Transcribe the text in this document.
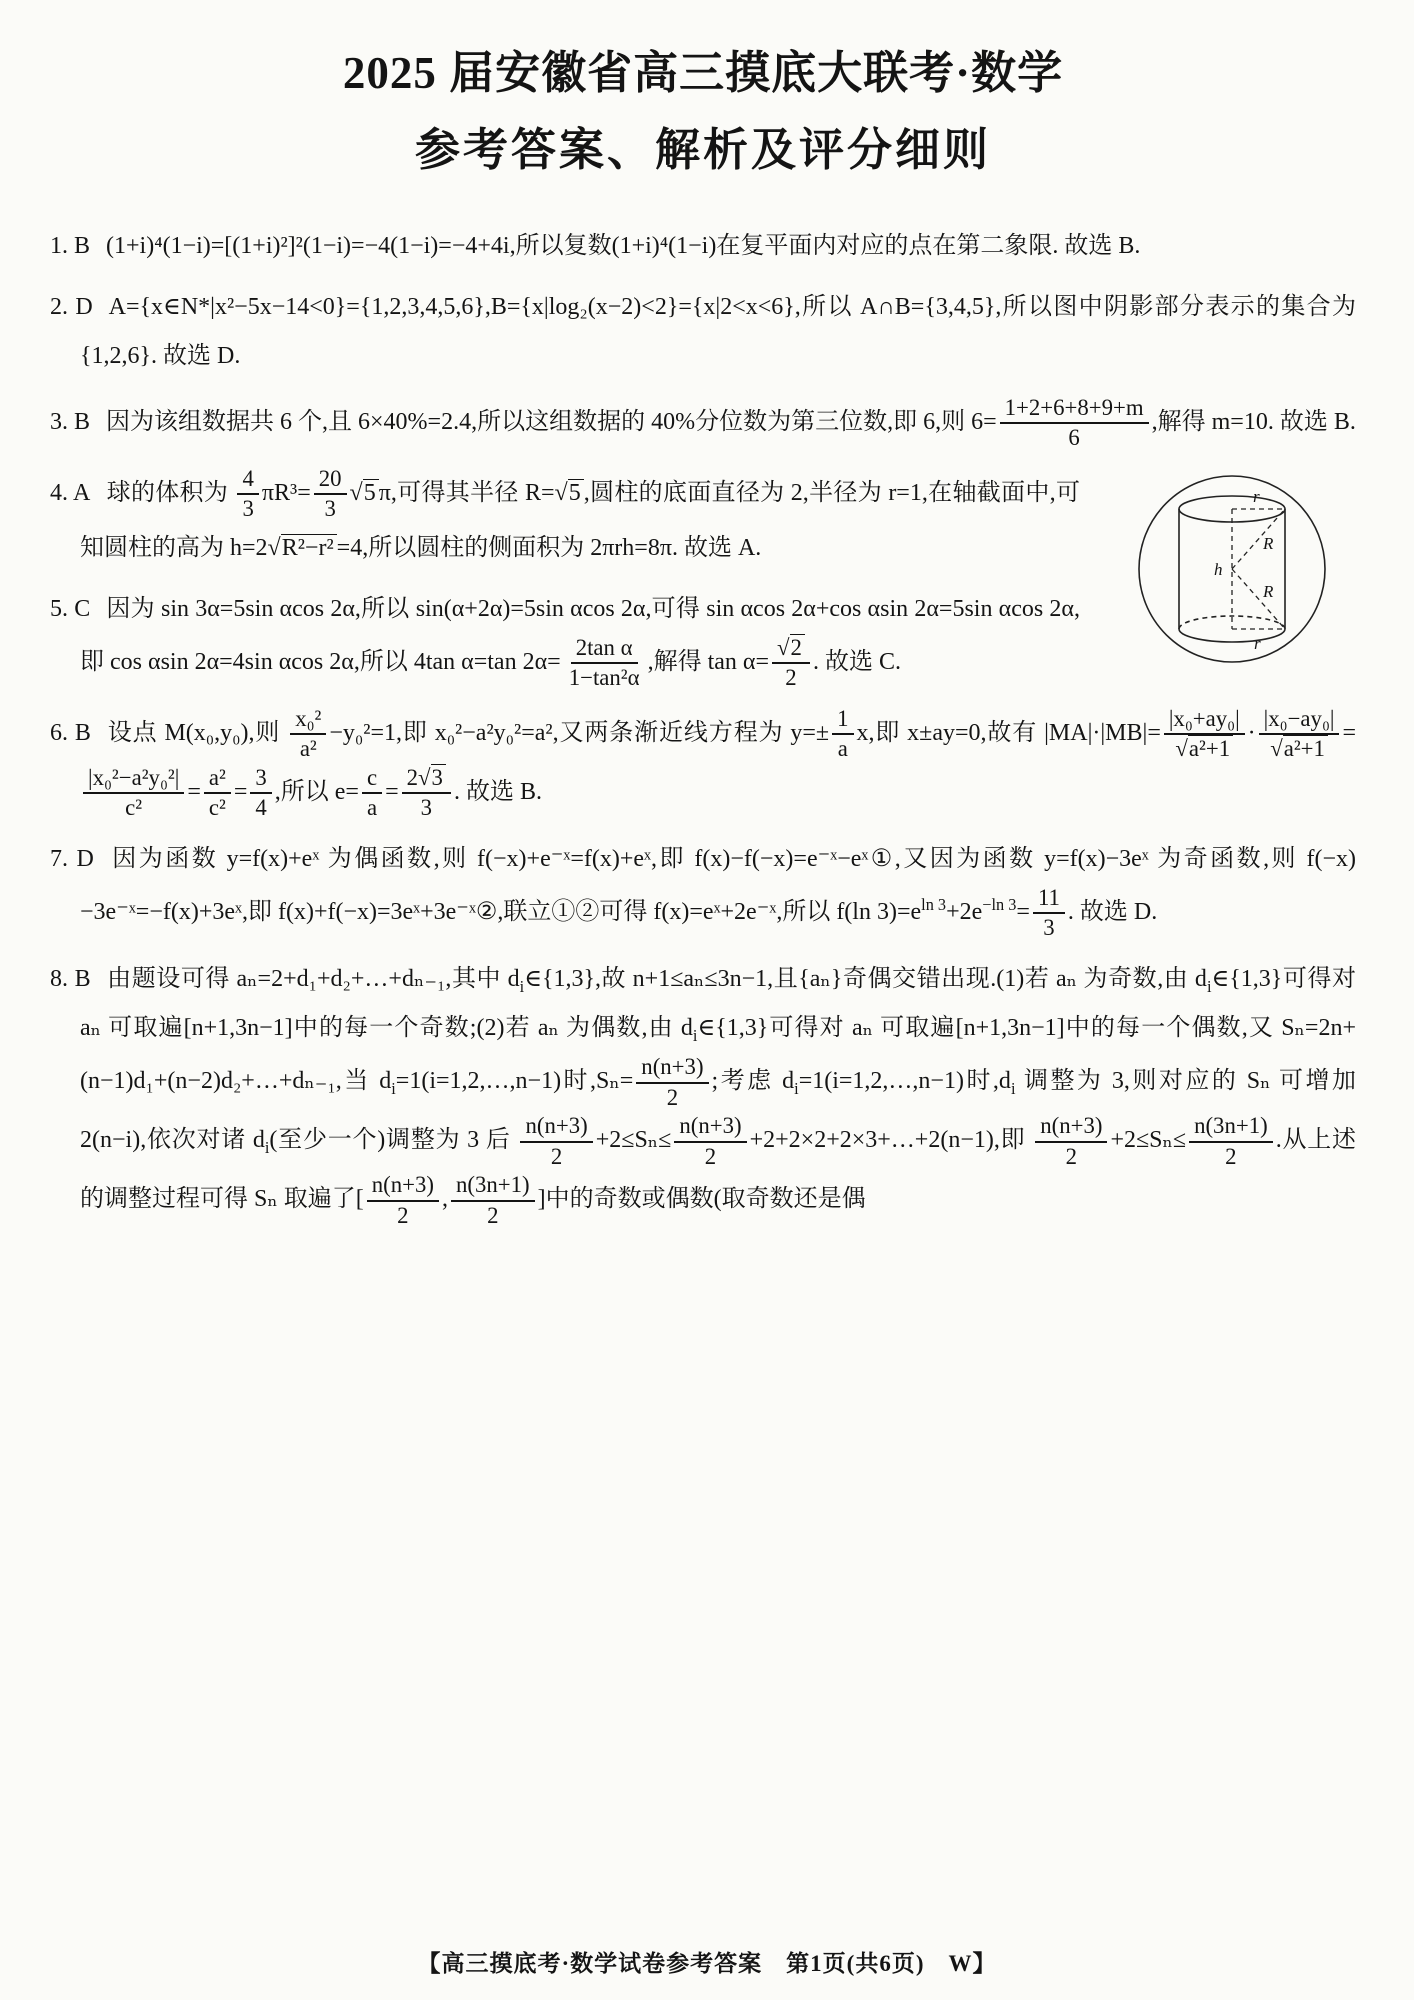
2025 届安徽省高三摸底大联考·数学
参考答案、解析及评分细则
1. B (1+i)⁴(1−i)=[(1+i)²]²(1−i)=−4(1−i)=−4+4i,所以复数(1+i)⁴(1−i)在复平面内对应的点在第二象限. 故选 B.
2. D A={x∈N*|x²−5x−14<0}={1,2,3,4,5,6},B={x|log₂(x−2)<2}={x|2<x<6},所以 A∩B={3,4,5},所以图中阴影部分表示的集合为{1,2,6}. 故选 D.
3. B 因为该组数据共 6 个,且 6×40%=2.4,所以这组数据的 40%分位数为第三位数,即 6,则 $6= \frac{1+2+6+8+9+m}{6}$ ,解得 m=10. 故选 B.
r
R
R
h
r
4. A 球的体积为 $\frac{4}{3} \pi R^3= \frac{20}{3} √5$ π,可得其半径 R=√5 ,圆柱的底面直径为 2,半径为 r=1,在轴截面中,可知圆柱的高为 h=2√R²−r² =4,所以圆柱的侧面积为 2πrh=8π. 故选 A.
5. C 因为 sin 3α=5sin αcos 2α,所以 sin(α+2α)=5sin αcos 2α,可得 sin αcos 2α+cos αsin 2α=5sin αcos 2α,即 cos αsin 2α=4sin αcos 2α,所以 4tan α=tan $2\alpha= \frac{\text{2tan α}}{\text{1−tan²α}}$ ,解得 $\tan \alpha= \frac{√2}{2}$ . 故选 C.
6. B 设点 M(x₀,y₀),则 $\frac{\text{x₀²}}{\text{a²}} -y_0^2=1$,即 x₀²−a²y₀²=a²,又两条渐近线方程为 $y=\pm \frac{1}{a} x$,即 x±ay=0,故有 $|MA|\cdot|MB|= \frac{\text{|x₀+ay₀|}}{\text{√a²+1}} \cdot \frac{\text{|x₀−ay₀|}}{\text{√a²+1}}$ =
$\frac{\text{|x₀²−a²y₀²|}}{\text{c²}} = \frac{\text{a²}}{\text{c²}} = \frac{3}{4}$ ,所以 $e= \frac{c}{a} = \frac{2√3}{3}$ . 故选 B.
7. D 因为函数 y=f(x)+eˣ 为偶函数,则 f(−x)+e⁻ˣ=f(x)+eˣ,即 f(x)−f(−x)=e⁻ˣ−eˣ①,又因为函数 y=f(x)−3eˣ 为奇函数,则 f(−x)−3e⁻ˣ=−f(x)+3eˣ,即 f(x)+f(−x)=3eˣ+3e⁻ˣ②,联立①②可得 f(x)=eˣ+2e⁻ˣ,所以 f(ln $3)=e^{ln 3}+2e^{-ln 3}= \frac{11}{3}$ . 故选 D.
8. B 由题设可得 aₙ=2+d₁+d₂+…+dₙ₋₁,其中 $d_i\in\{1,3\}$,故 n+1≤aₙ≤3n−1,且{aₙ}奇偶交错出现.(1)若 aₙ 为奇数,由 $d_i\in\{1,3\}$可得对 aₙ 可取遍[n+1,3n−1]中的每一个奇数;(2)若 aₙ 为偶数,由 $d_i\in\{1,3\}$可得对 aₙ 可取遍[n+1,3n−1]中的每一个偶数,又 Sₙ=2n+(n−1)d₁+(n−2)d₂+…+dₙ₋₁,当 $d_i=1(i=1,2,\dots,n-1)$时$,S_n= \frac{n(n+3)}{2}$ ;考虑 $d_i=1(i=1,2,\dots,n-1)$时$,d_i$ 调整为 3,则对应的 Sₙ 可增加 2(n−i),依次对诸 $d_i$(至少一个)调整为 3 后 $\frac{n(n+3)}{2} +2\le S_n\le \frac{n(n+3)}{2}$ +2+2×2+2×3+…+2(n−1),即 $\frac{n(n+3)}{2} +2\le S_n\le \frac{n(3n+1)}{2}$ .从上述的调整过程可得 Sₙ 取遍了[ $\frac{n(n+3)}{2}$ , $\frac{n(3n+1)}{2}$ ]中的奇数或偶数(取奇数还是偶
【高三摸底考·数学试卷参考答案　第1页(共6页)　W】
